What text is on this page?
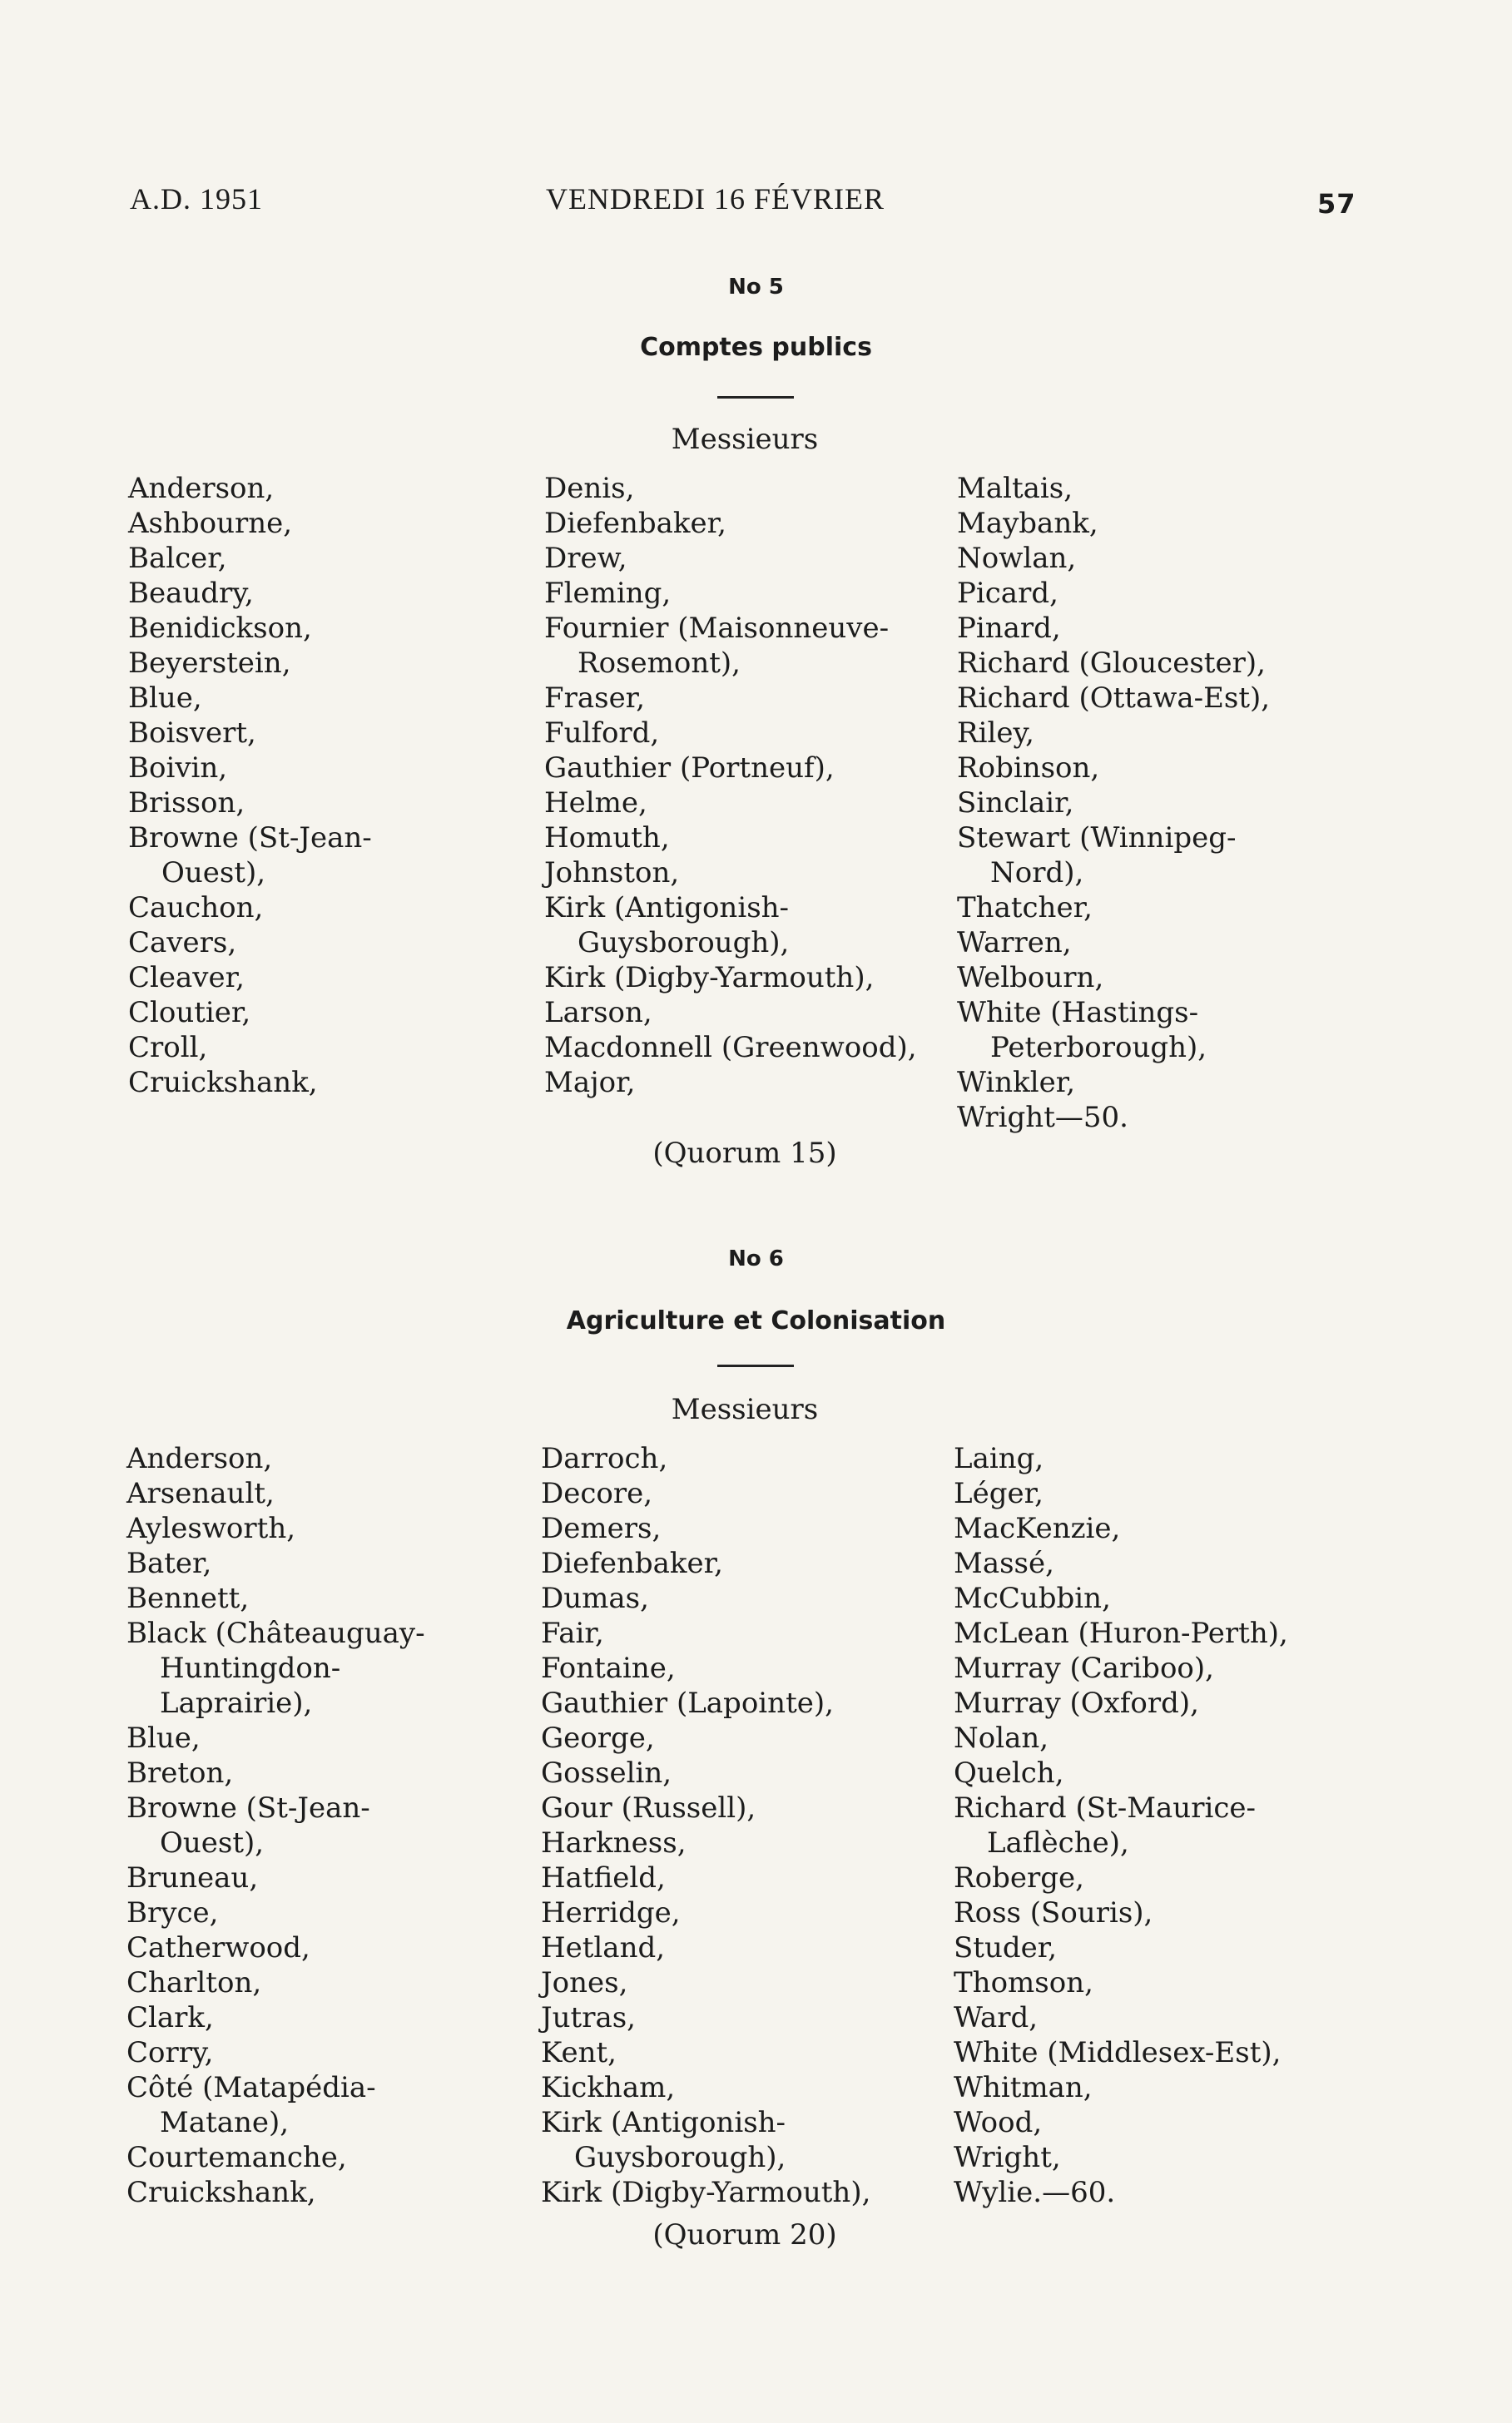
A.D. 1951	VENDREDI 16 FÉVRIER	57
No 5
Comptes publics
Messieurs
Anderson,
Ashbourne,
Balcer,
Beaudry,
Benidickson,
Beyerstein,
Blue,
Boisvert,
Boivin,
Brisson,
Browne (St-Jean-
Ouest),
Cauchon,
Cavers,
Cleaver,
Cloutier,
Croll,
Cruickshank,
Denis,
Diefenbaker,
Drew,
Fleming,
Fournier (Maisonneuve-
Rosemont),
Fraser,
Fulford,
Gauthier (Portneuf),
Helme,
Homuth,
Johnston,
Kirk (Antigonish-
Guysborough),
Kirk (Digby-Yarmouth),
Larson,
Macdonnell (Greenwood),
Major,
Maltais,
Maybank,
Nowlan,
Picard,
Pinard,
Richard (Gloucester),
Richard (Ottawa-Est),
Riley,
Robinson,
Sinclair,
Stewart (Winnipeg-
Nord),
Thatcher,
Warren,
Welbourn,
White (Hastings-
Peterborough),
Winkler,
Wright—50.
(Quorum 15)
No 6
Agriculture et Colonisation
Messieurs
Anderson,
Arsenault,
Aylesworth,
Bater,
Bennett,
Black (Châteauguay-
Huntingdon-
Laprairie),
Blue,
Breton,
Browne (St-Jean-
Ouest),
Bruneau,
Bryce,
Catherwood,
Charlton,
Clark,
Corry,
Côté (Matapédia-
Matane),
Courtemanche,
Cruickshank,
Darroch,
Decore,
Demers,
Diefenbaker,
Dumas,
Fair,
Fontaine,
Gauthier (Lapointe),
George,
Gosselin,
Gour (Russell),
Harkness,
Hatfield,
Herridge,
Hetland,
Jones,
Jutras,
Kent,
Kickham,
Kirk (Antigonish-
Guysborough),
Kirk (Digby-Yarmouth),
Laing,
Léger,
MacKenzie,
Massé,
McCubbin,
McLean (Huron-Perth),
Murray (Cariboo),
Murray (Oxford),
Nolan,
Quelch,
Richard (St-Maurice-
Laflèche),
Roberge,
Ross (Souris),
Studer,
Thomson,
Ward,
White (Middlesex-Est),
Whitman,
Wood,
Wright,
Wylie.—60.
(Quorum 20)
